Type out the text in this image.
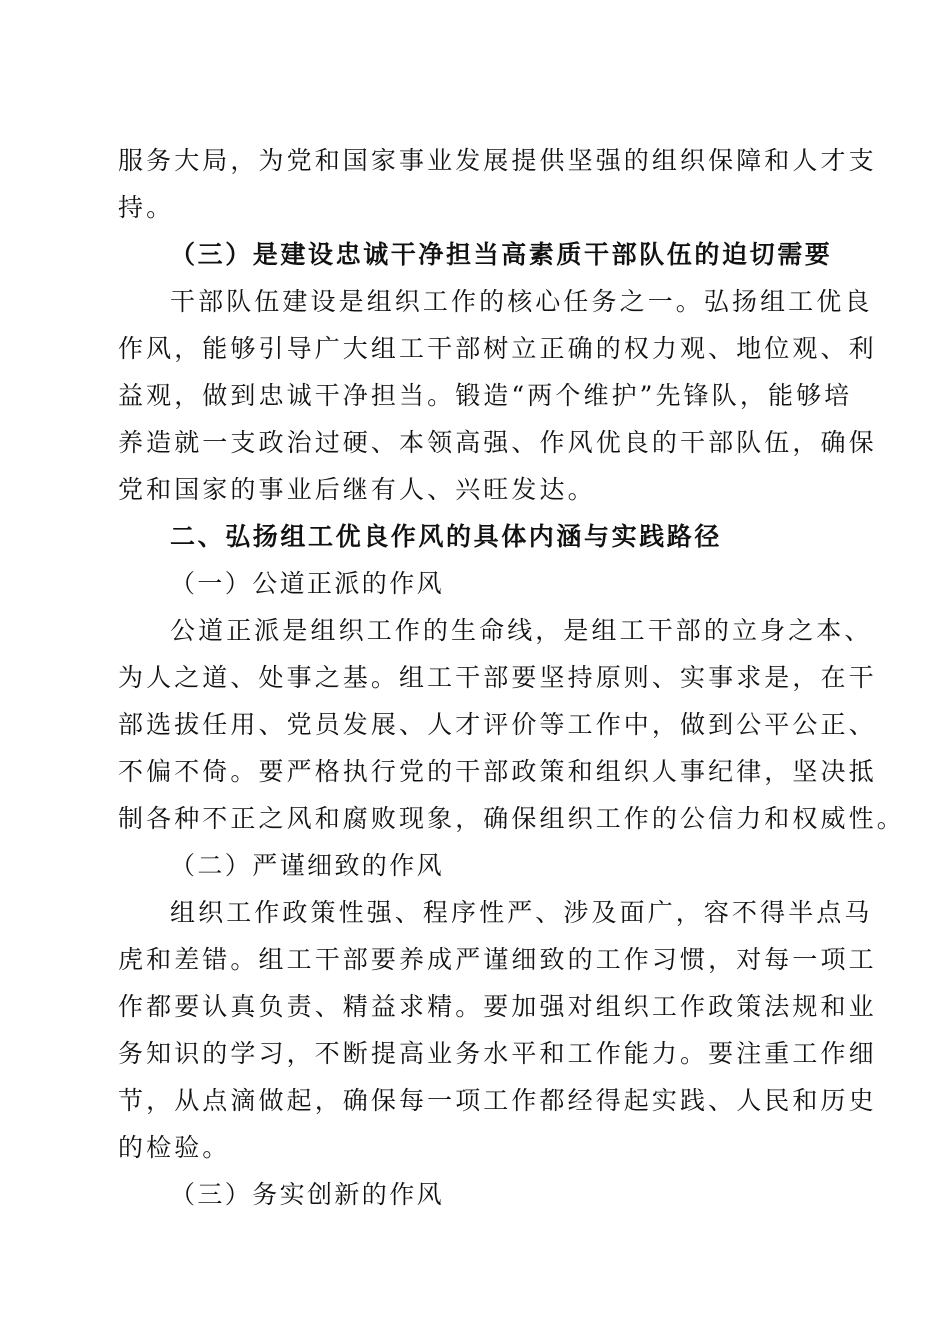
服务大局，为党和国家事业发展提供坚强的组织保障和人才支
持。
（三）是建设忠诚干净担当高素质干部队伍的迫切需要
干部队伍建设是组织工作的核心任务之一。弘扬组工优良
作风，能够引导广大组工干部树立正确的权力观、地位观、利
益观，做到忠诚干净担当。锻造“两个维护”先锋队，能够培
养造就一支政治过硬、本领高强、作风优良的干部队伍，确保
党和国家的事业后继有人、兴旺发达。
二、弘扬组工优良作风的具体内涵与实践路径
（一）公道正派的作风
公道正派是组织工作的生命线，是组工干部的立身之本、
为人之道、处事之基。组工干部要坚持原则、实事求是，在干
部选拔任用、党员发展、人才评价等工作中，做到公平公正、
不偏不倚。要严格执行党的干部政策和组织人事纪律，坚决抵
制各种不正之风和腐败现象，确保组织工作的公信力和权威性。
（二）严谨细致的作风
组织工作政策性强、程序性严、涉及面广，容不得半点马
虎和差错。组工干部要养成严谨细致的工作习惯，对每一项工
作都要认真负责、精益求精。要加强对组织工作政策法规和业
务知识的学习，不断提高业务水平和工作能力。要注重工作细
节，从点滴做起，确保每一项工作都经得起实践、人民和历史
的检验。
（三）务实创新的作风
